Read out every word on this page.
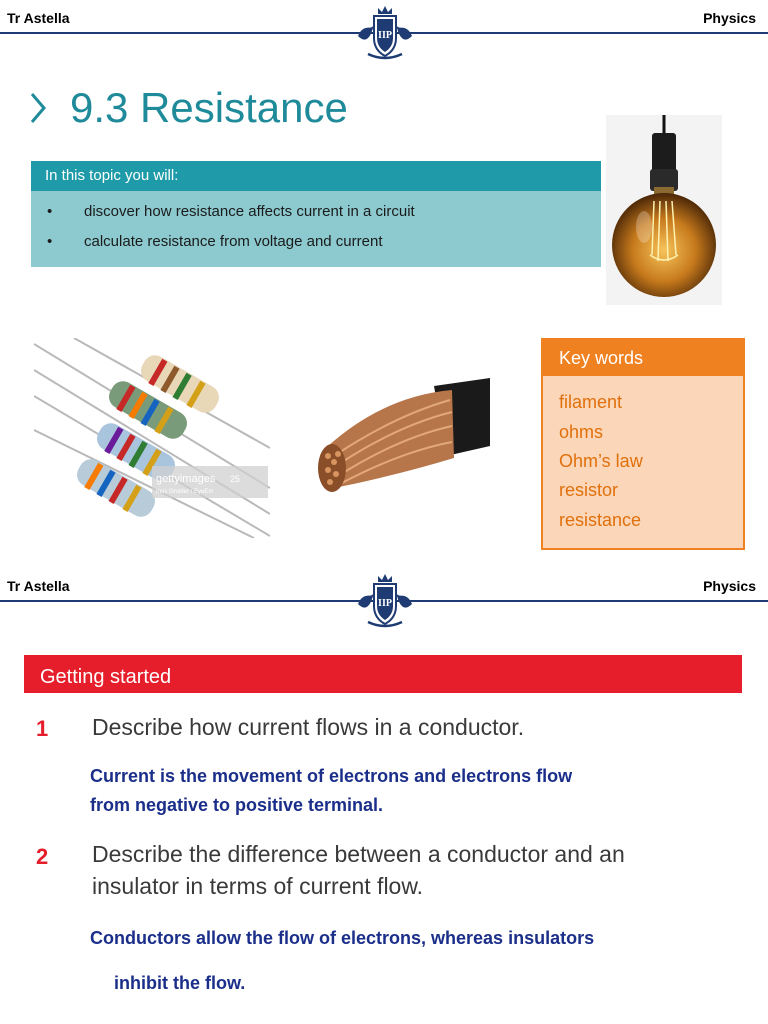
Tr Astella
IIP
Physics
9.3 Resistance
In this topic you will:
• discover how resistance affects current in a circuit
• calculate resistance from voltage and current
gettyimages 25
Inus Grobler / EyeEm
Key words
filament
ohms
Ohm’s law
resistor
resistance
Tr Astella
IIP
Physics
Getting started
1 Describe how current flows in a conductor.
Current is the movement of electrons and electrons flow
from negative to positive terminal.
2 Describe the difference between a conductor and an
insulator in terms of current flow.
Conductors allow the flow of electrons, whereas insulators
inhibit the flow.
